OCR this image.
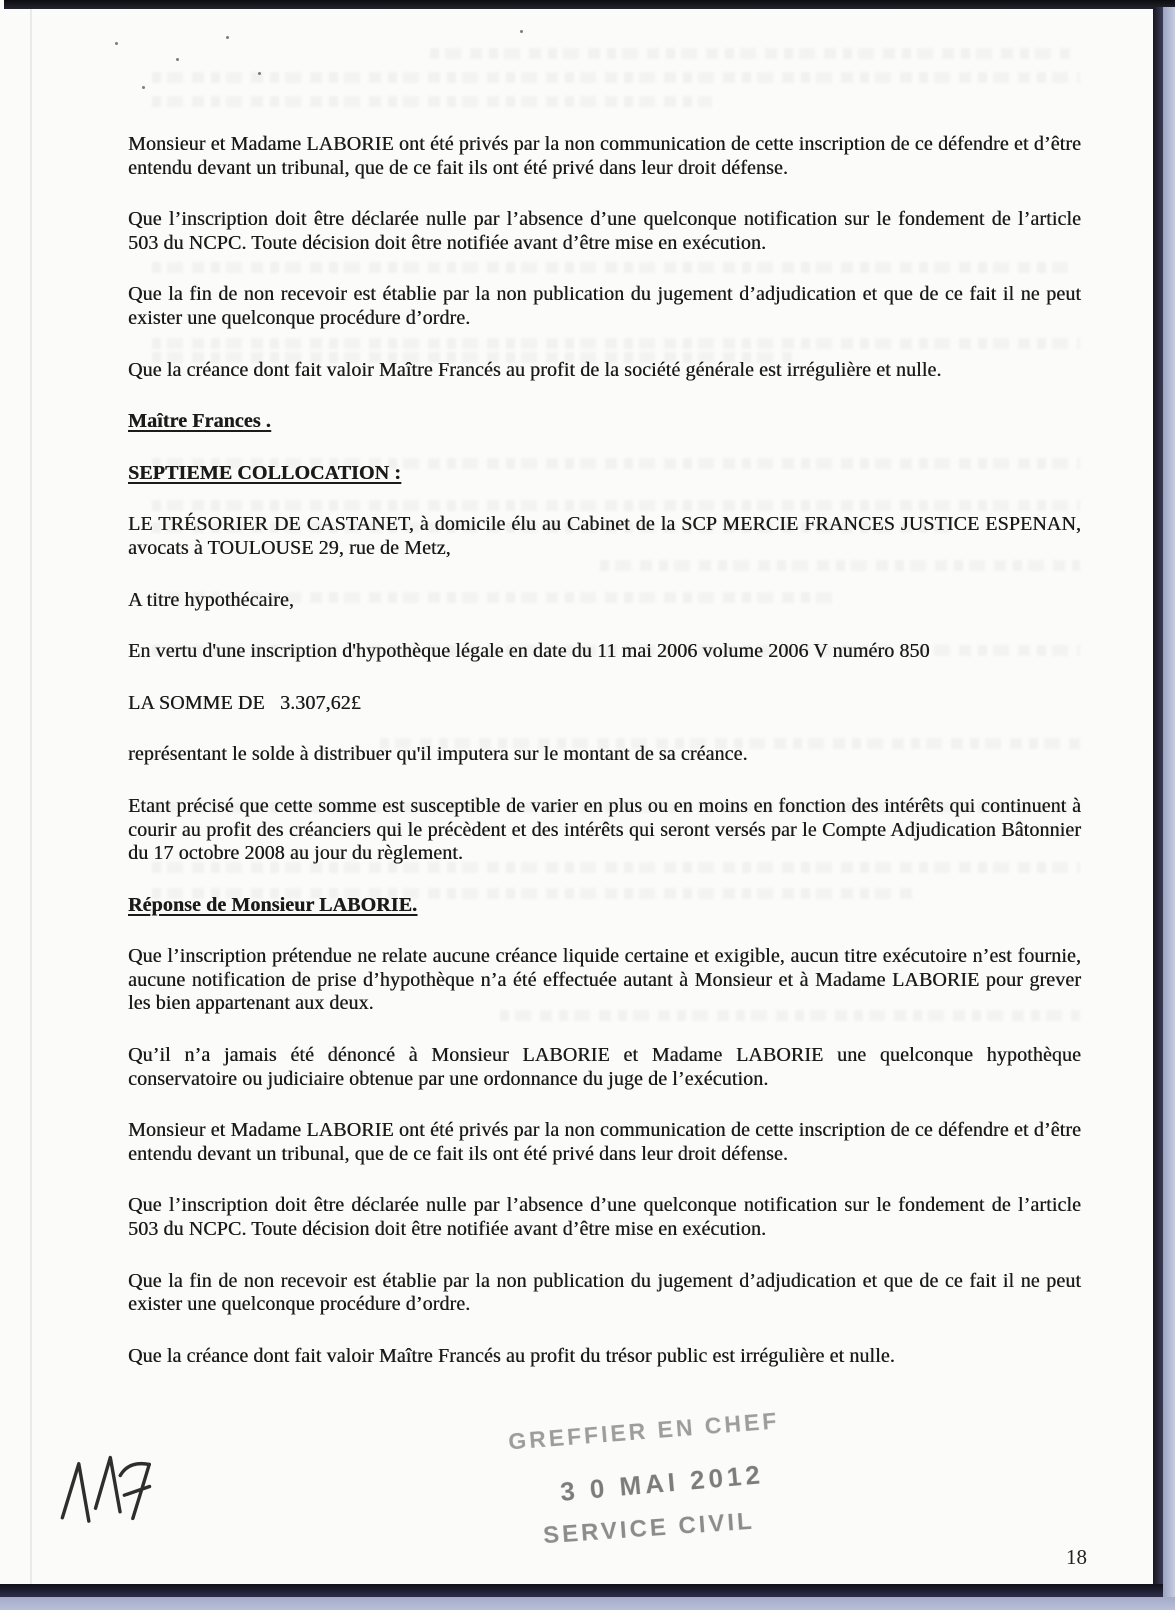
Monsieur et Madame LABORIE ont été privés par la non communication de cette inscription de ce défendre et d’être entendu devant un tribunal, que de ce fait ils ont été privé dans leur droit défense.

Que l’inscription doit être déclarée nulle par l’absence d’une quelconque notification sur le fondement de l’article 503 du NCPC. Toute décision doit être notifiée avant d’être mise en exécution.

Que la fin de non recevoir est établie par la non publication du jugement d’adjudication et que de ce fait il ne peut exister une quelconque procédure d’ordre.

Que la créance dont fait valoir Maître Francés au profit de la société générale est irrégulière et nulle.

Maître Frances .
SEPTIEME COLLOCATION :

LE TRÉSORIER DE CASTANET, à domicile élu au Cabinet de la SCP MERCIE FRANCES JUSTICE ESPENAN, avocats à TOULOUSE 29, rue de Metz,

A titre hypothécaire,

En vertu d'une inscription d'hypothèque légale en date du 11 mai 2006 volume 2006 V numéro 850

LA SOMME DE   3.307,62£

représentant le solde à distribuer qu'il imputera sur le montant de sa créance.

Etant précisé que cette somme est susceptible de varier en plus ou en moins en fonction des intérêts qui continuent à courir au profit des créanciers qui le précèdent et des intérêts qui seront versés par le Compte Adjudication Bâtonnier du 17 octobre 2008 au jour du règlement.

Réponse de Monsieur LABORIE.

Que l’inscription prétendue ne relate aucune créance liquide certaine et exigible, aucun titre exécutoire n’est fournie, aucune notification de prise d’hypothèque n’a été effectuée autant à Monsieur et à Madame LABORIE pour grever les bien appartenant aux deux.

Qu’il n’a jamais été dénoncé à Monsieur LABORIE et Madame LABORIE une quelconque hypothèque conservatoire ou judiciaire obtenue par une ordonnance du juge de l’exécution.

Monsieur et Madame LABORIE ont été privés par la non communication de cette inscription de ce défendre et d’être entendu devant un tribunal, que de ce fait ils ont été privé dans leur droit défense.

Que l’inscription doit être déclarée nulle par l’absence d’une quelconque notification sur le fondement de l’article 503 du NCPC. Toute décision doit être notifiée avant d’être mise en exécution.

Que la fin de non recevoir est établie par la non publication du jugement d’adjudication et que de ce fait il ne peut exister une quelconque procédure d’ordre.

Que la créance dont fait valoir Maître Francés au profit du trésor public est irrégulière et nulle.

GREFFIER EN CHEF
3 0 MAI 2012
SERVICE CIVIL
18
